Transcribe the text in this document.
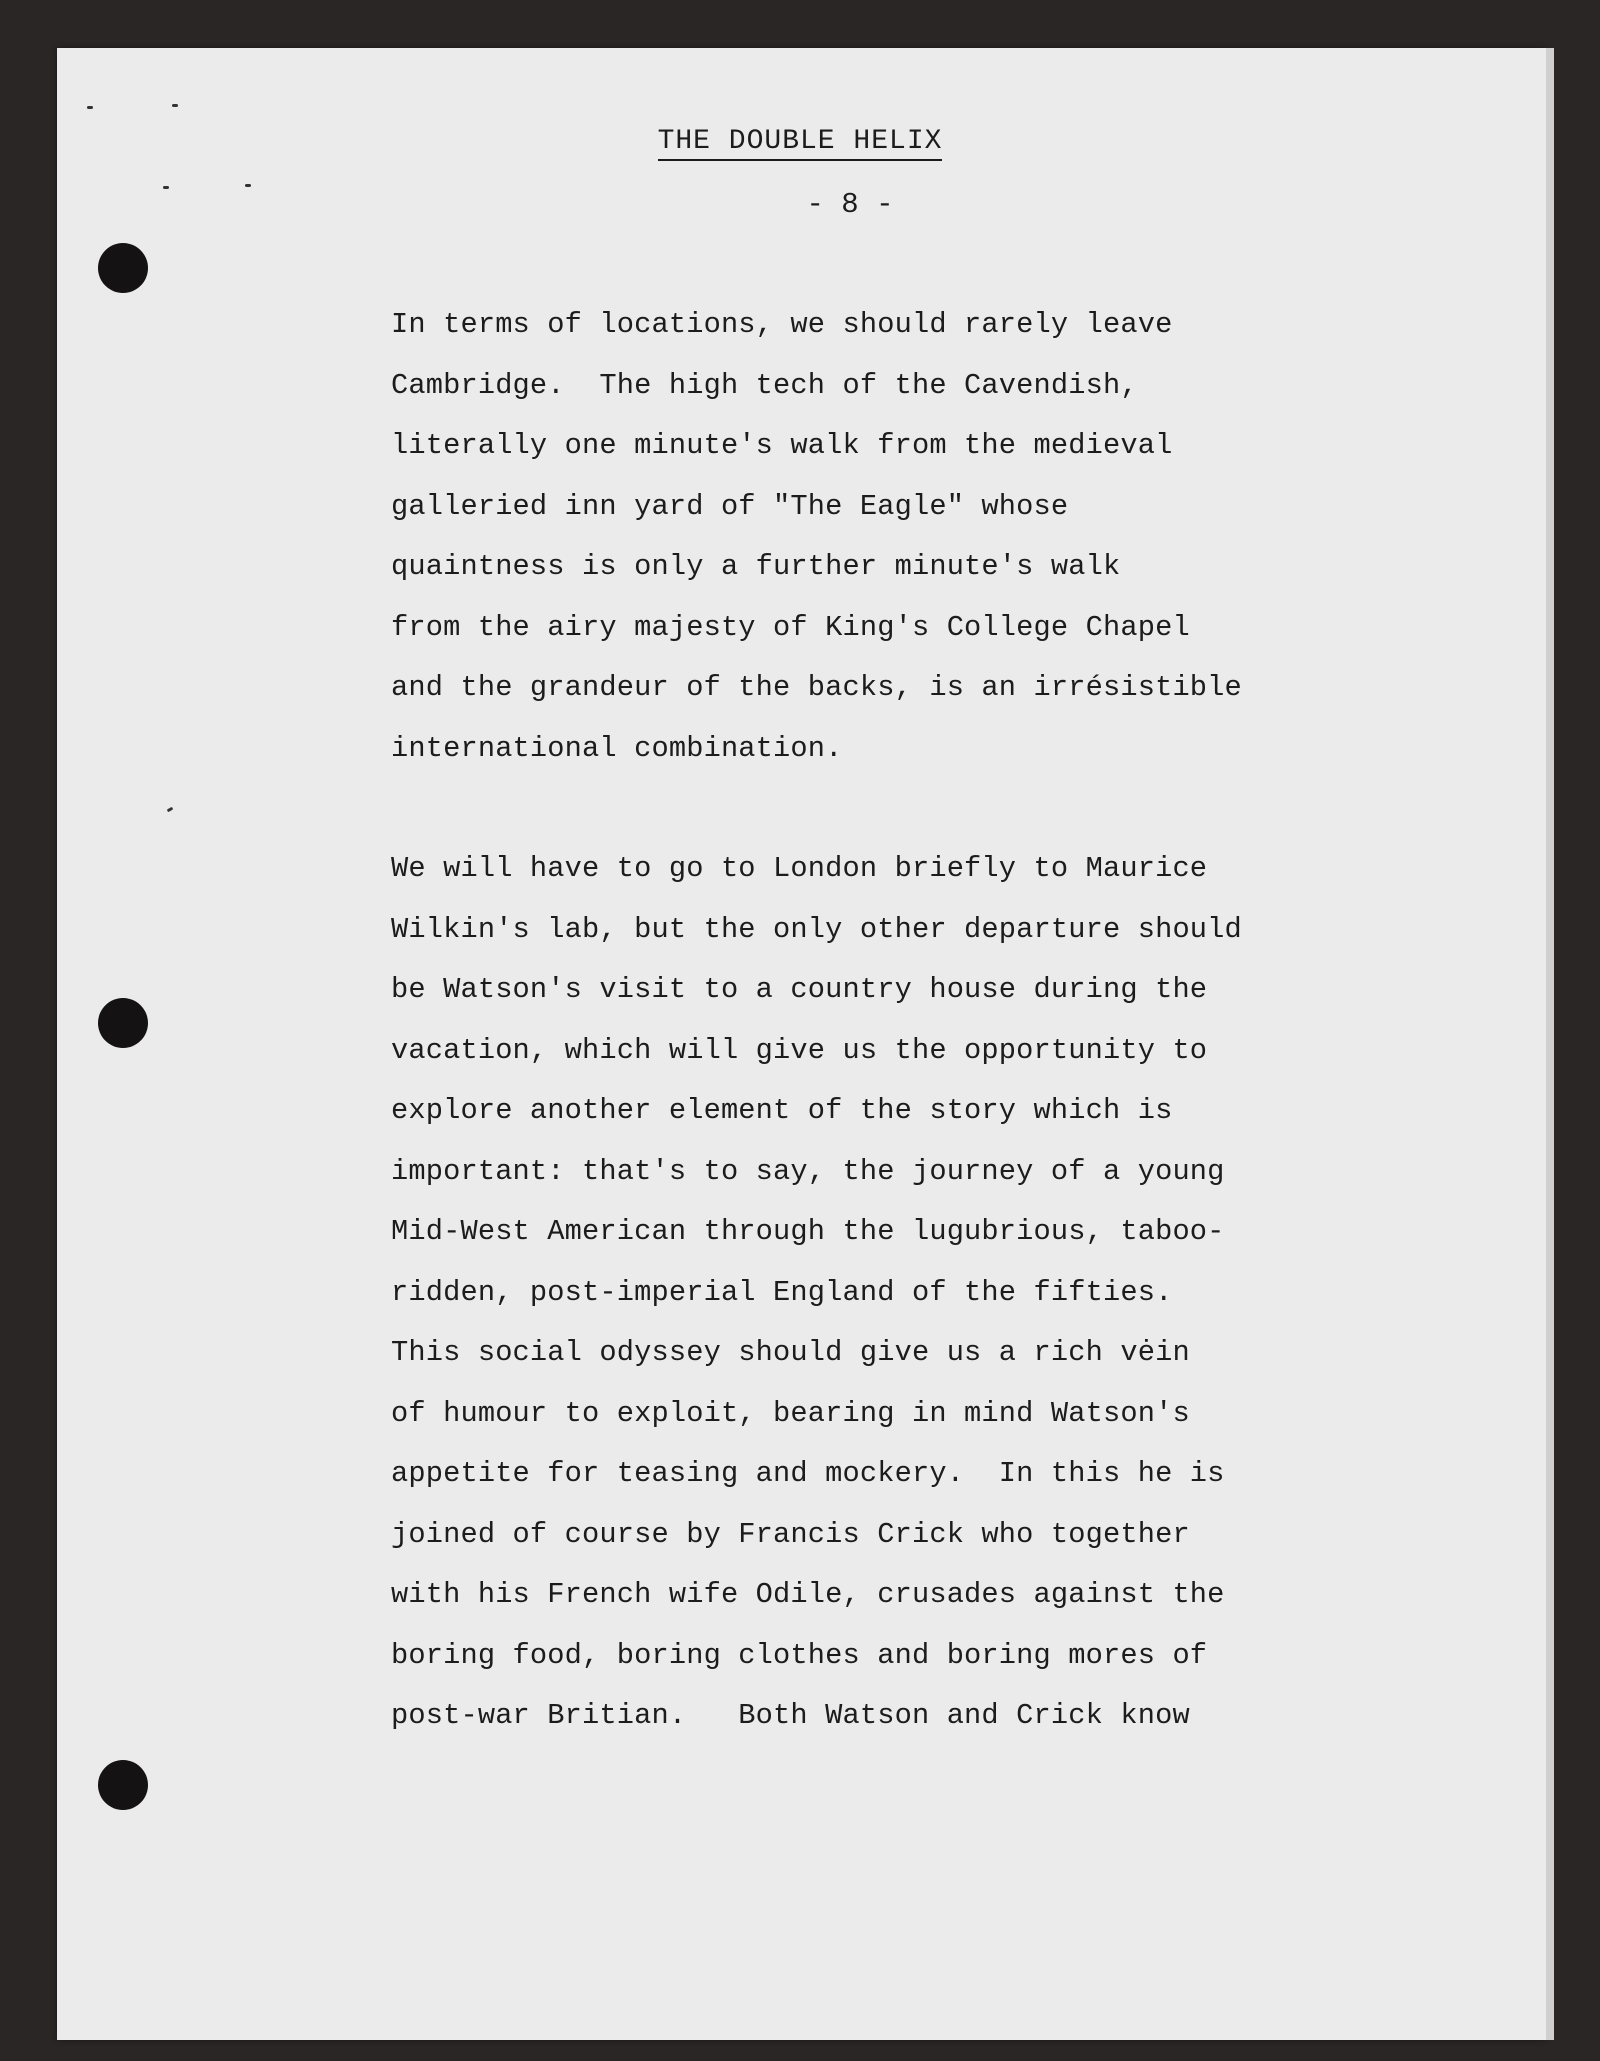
THE DOUBLE HELIX
- 8 -
In terms of locations, we should rarely leave
Cambridge.  The high tech of the Cavendish,
literally one minute's walk from the medieval
galleried inn yard of "The Eagle" whose
quaintness is only a further minute's walk
from the airy majesty of King's College Chapel
and the grandeur of the backs, is an irrésistible
international combination.
We will have to go to London briefly to Maurice
Wilkin's lab, but the only other departure should
be Watson's visit to a country house during the
vacation, which will give us the opportunity to
explore another element of the story which is
important: that's to say, the journey of a young
Mid-West American through the lugubrious, taboo-
ridden, post-imperial England of the fifties.
This social odyssey should give us a rich vėin
of humour to exploit, bearing in mind Watson's
appetite for teasing and mockery.  In this he is
joined of course by Francis Crick who together
with his French wife Odile, crusades against the
boring food, boring clothes and boring mores of
post-war Britian.   Both Watson and Crick know
